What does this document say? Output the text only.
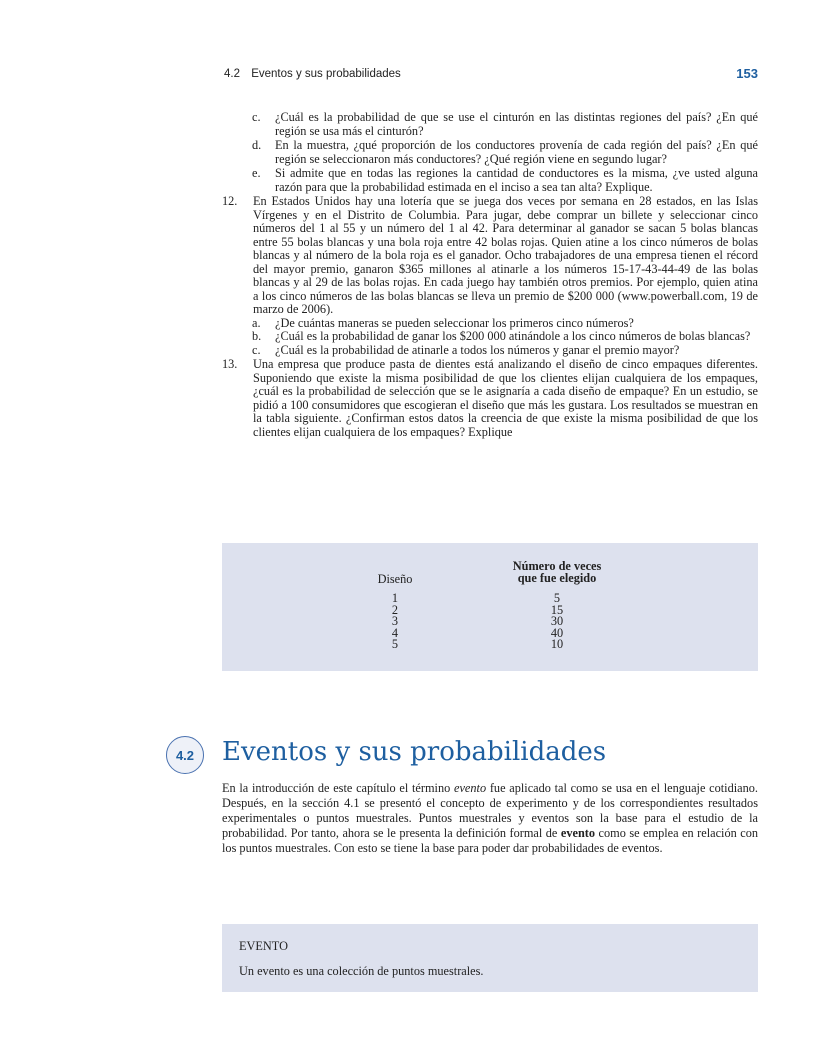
4.2 Eventos y sus probabilidades	153
c. ¿Cuál es la probabilidad de que se use el cinturón en las distintas regiones del país? ¿En qué región se usa más el cinturón?
d. En la muestra, ¿qué proporción de los conductores provenía de cada región del país? ¿En qué región se seleccionaron más conductores? ¿Qué región viene en segundo lugar?
e. Si admite que en todas las regiones la cantidad de conductores es la misma, ¿ve usted alguna razón para que la probabilidad estimada en el inciso a sea tan alta? Explique.
12. En Estados Unidos hay una lotería que se juega dos veces por semana en 28 estados, en las Islas Vírgenes y en el Distrito de Columbia. Para jugar, debe comprar un billete y seleccionar cinco números del 1 al 55 y un número del 1 al 42. Para determinar al ganador se sacan 5 bolas blancas entre 55 bolas blancas y una bola roja entre 42 bolas rojas. Quien atine a los cinco números de bolas blancas y al número de la bola roja es el ganador. Ocho trabajadores de una empresa tienen el récord del mayor premio, ganaron $365 millones al atinarle a los números 15-17-43-44-49 de las bolas blancas y al 29 de las bolas rojas. En cada juego hay también otros premios. Por ejemplo, quien atina a los cinco números de las bolas blancas se lleva un premio de $200 000 (www.powerball.com, 19 de marzo de 2006).
a. ¿De cuántas maneras se pueden seleccionar los primeros cinco números?
b. ¿Cuál es la probabilidad de ganar los $200 000 atinándole a los cinco números de bolas blancas?
c. ¿Cuál es la probabilidad de atinarle a todos los números y ganar el premio mayor?
13. Una empresa que produce pasta de dientes está analizando el diseño de cinco empaques diferentes. Suponiendo que existe la misma posibilidad de que los clientes elijan cualquiera de los empaques, ¿cuál es la probabilidad de selección que se le asignaría a cada diseño de empaque? En un estudio, se pidió a 100 consumidores que escogieran el diseño que más les gustara. Los resultados se muestran en la tabla siguiente. ¿Confirman estos datos la creencia de que existe la misma posibilidad de que los clientes elijan cualquiera de los empaques? Explique
Diseño
Número de veces
que fue elegido
1
2
3
4
5
5
15
30
40
10
4.2	Eventos y sus probabilidades
En la introducción de este capítulo el término evento fue aplicado tal como se usa en el lenguaje cotidiano. Después, en la sección 4.1 se presentó el concepto de experimento y de los correspondientes resultados experimentales o puntos muestrales. Puntos muestrales y eventos son la base para el estudio de la probabilidad. Por tanto, ahora se le presenta la definición formal de evento como se emplea en relación con los puntos muestrales. Con esto se tiene la base para poder dar probabilidades de eventos.
EVENTO
Un evento es una colección de puntos muestrales.
